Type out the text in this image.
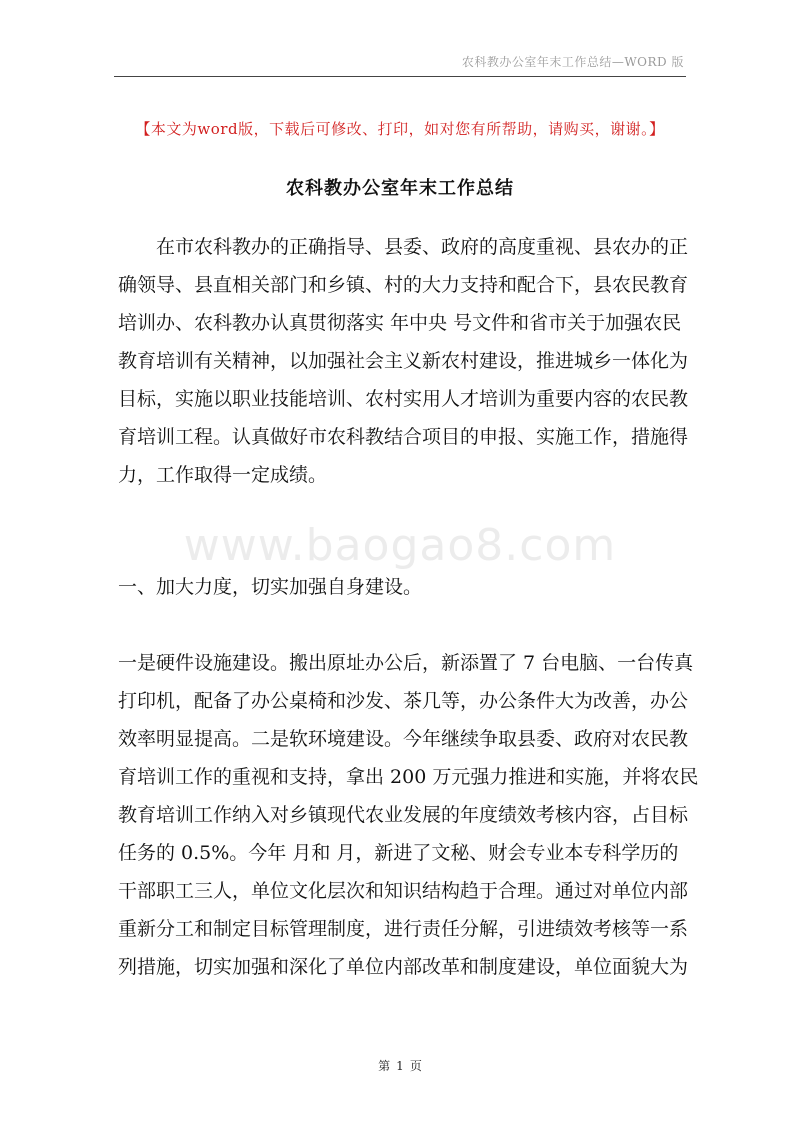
农科教办公室年末工作总结—WORD 版
【本文为word版，下载后可修改、打印，如对您有所帮助，请购买，谢谢。】
农科教办公室年末工作总结
　　在市农科教办的正确指导、县委、政府的高度重视、县农办的正
确领导、县直相关部门和乡镇、村的大力支持和配合下，县农民教育
培训办、农科教办认真贯彻落实 年中央 号文件和省市关于加强农民
教育培训有关精神，以加强社会主义新农村建设，推进城乡一体化为
目标，实施以职业技能培训、农村实用人才培训为重要内容的农民教
育培训工程。认真做好市农科教结合项目的申报、实施工作，措施得
力，工作取得一定成绩。
www.baogao8.com
一、加大力度，切实加强自身建设。
一是硬件设施建设。搬出原址办公后，新添置了 7 台电脑、一台传真
打印机，配备了办公桌椅和沙发、茶几等，办公条件大为改善，办公
效率明显提高。二是软环境建设。今年继续争取县委、政府对农民教
育培训工作的重视和支持，拿出 200 万元强力推进和实施，并将农民
教育培训工作纳入对乡镇现代农业发展的年度绩效考核内容，占目标
任务的 0.5%。今年 月和 月，新进了文秘、财会专业本专科学历的
干部职工三人，单位文化层次和知识结构趋于合理。通过对单位内部
重新分工和制定目标管理制度，进行责任分解，引进绩效考核等一系
列措施，切实加强和深化了单位内部改革和制度建设，单位面貌大为
第 1 页
